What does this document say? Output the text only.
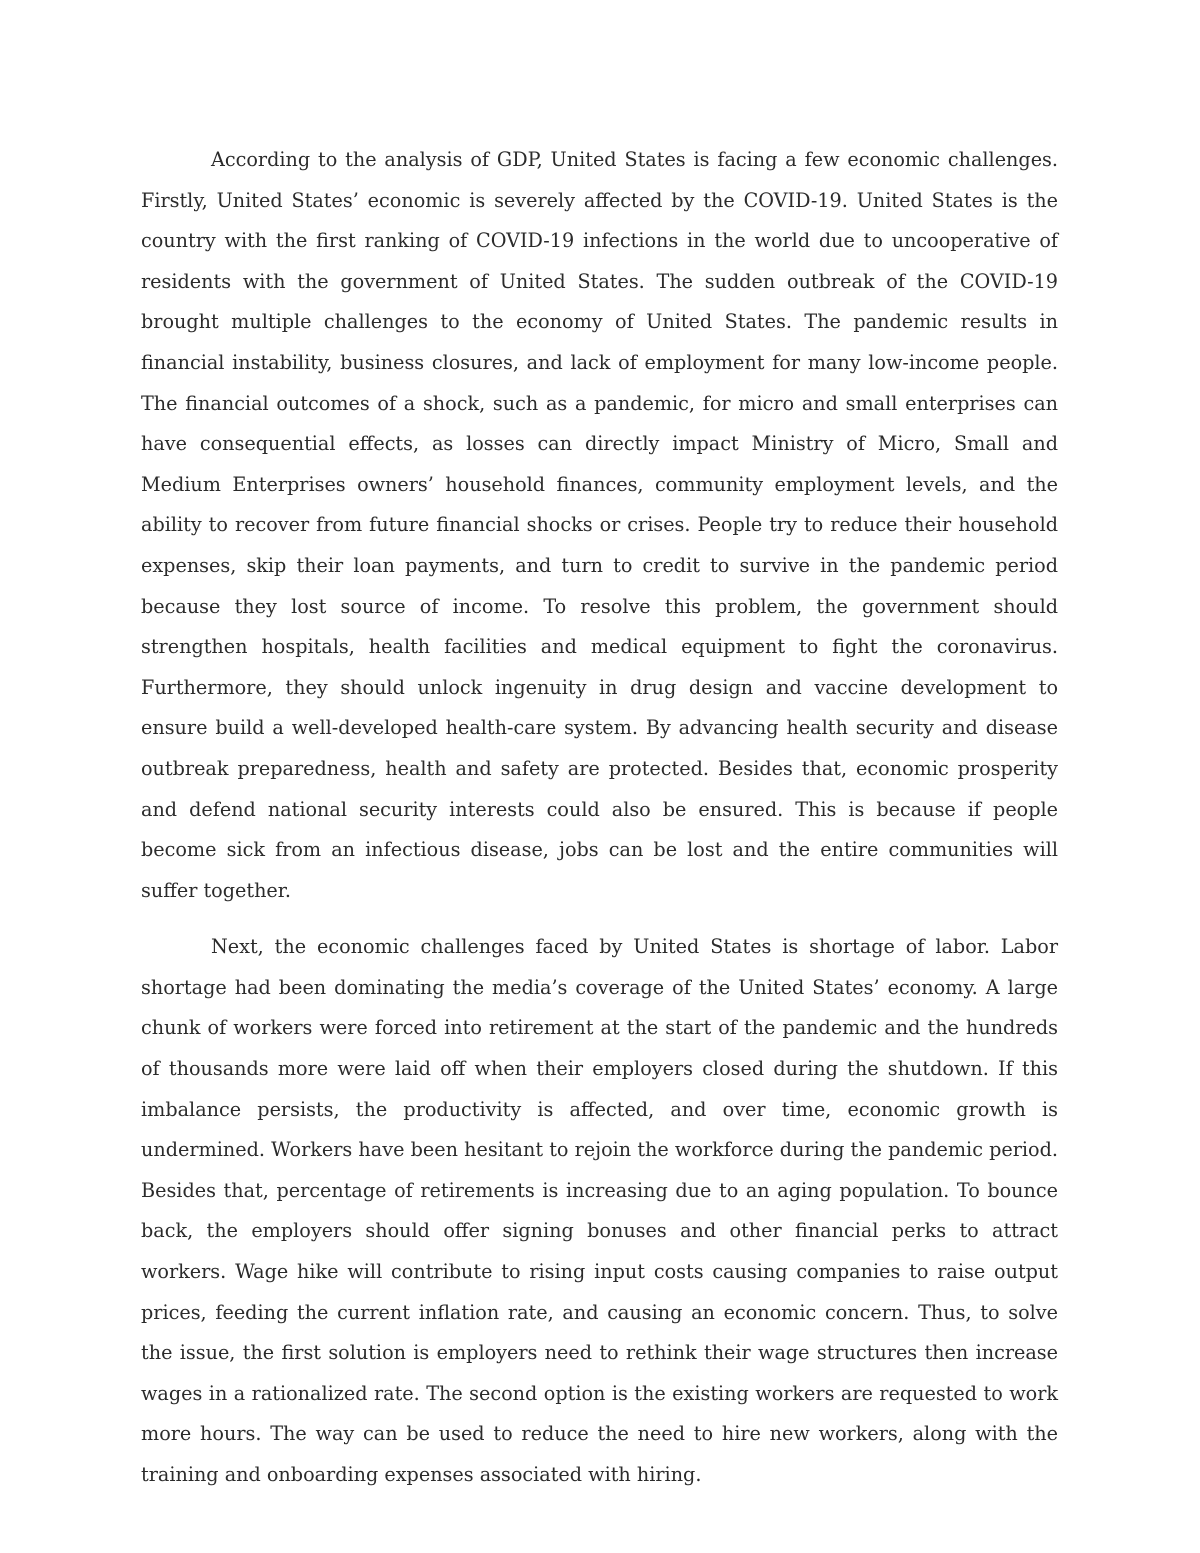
According to the analysis of GDP, United States is facing a few economic challenges. Firstly, United States’ economic is severely affected by the COVID-19. United States is the country with the first ranking of COVID-19 infections in the world due to uncooperative of residents with the government of United States. The sudden outbreak of the COVID-19 brought multiple challenges to the economy of United States. The pandemic results in financial instability, business closures, and lack of employment for many low-income people. The financial outcomes of a shock, such as a pandemic, for micro and small enterprises can have consequential effects, as losses can directly impact Ministry of Micro, Small and Medium Enterprises owners’ household finances, community employment levels, and the ability to recover from future financial shocks or crises. People try to reduce their household expenses, skip their loan payments, and turn to credit to survive in the pandemic period because they lost source of income. To resolve this problem, the government should strengthen hospitals, health facilities and medical equipment to fight the coronavirus. Furthermore, they should unlock ingenuity in drug design and vaccine development to ensure build a well-developed health-care system. By advancing health security and disease outbreak preparedness, health and safety are protected. Besides that, economic prosperity and defend national security interests could also be ensured. This is because if people become sick from an infectious disease, jobs can be lost and the entire communities will suffer together.

Next, the economic challenges faced by United States is shortage of labor. Labor shortage had been dominating the media’s coverage of the United States’ economy. A large chunk of workers were forced into retirement at the start of the pandemic and the hundreds of thousands more were laid off when their employers closed during the shutdown. If this imbalance persists, the productivity is affected, and over time, economic growth is undermined. Workers have been hesitant to rejoin the workforce during the pandemic period. Besides that, percentage of retirements is increasing due to an aging population. To bounce back, the employers should offer signing bonuses and other financial perks to attract workers. Wage hike will contribute to rising input costs causing companies to raise output prices, feeding the current inflation rate, and causing an economic concern. Thus, to solve the issue, the first solution is employers need to rethink their wage structures then increase wages in a rationalized rate. The second option is the existing workers are requested to work more hours. The way can be used to reduce the need to hire new workers, along with the training and onboarding expenses associated with hiring.
